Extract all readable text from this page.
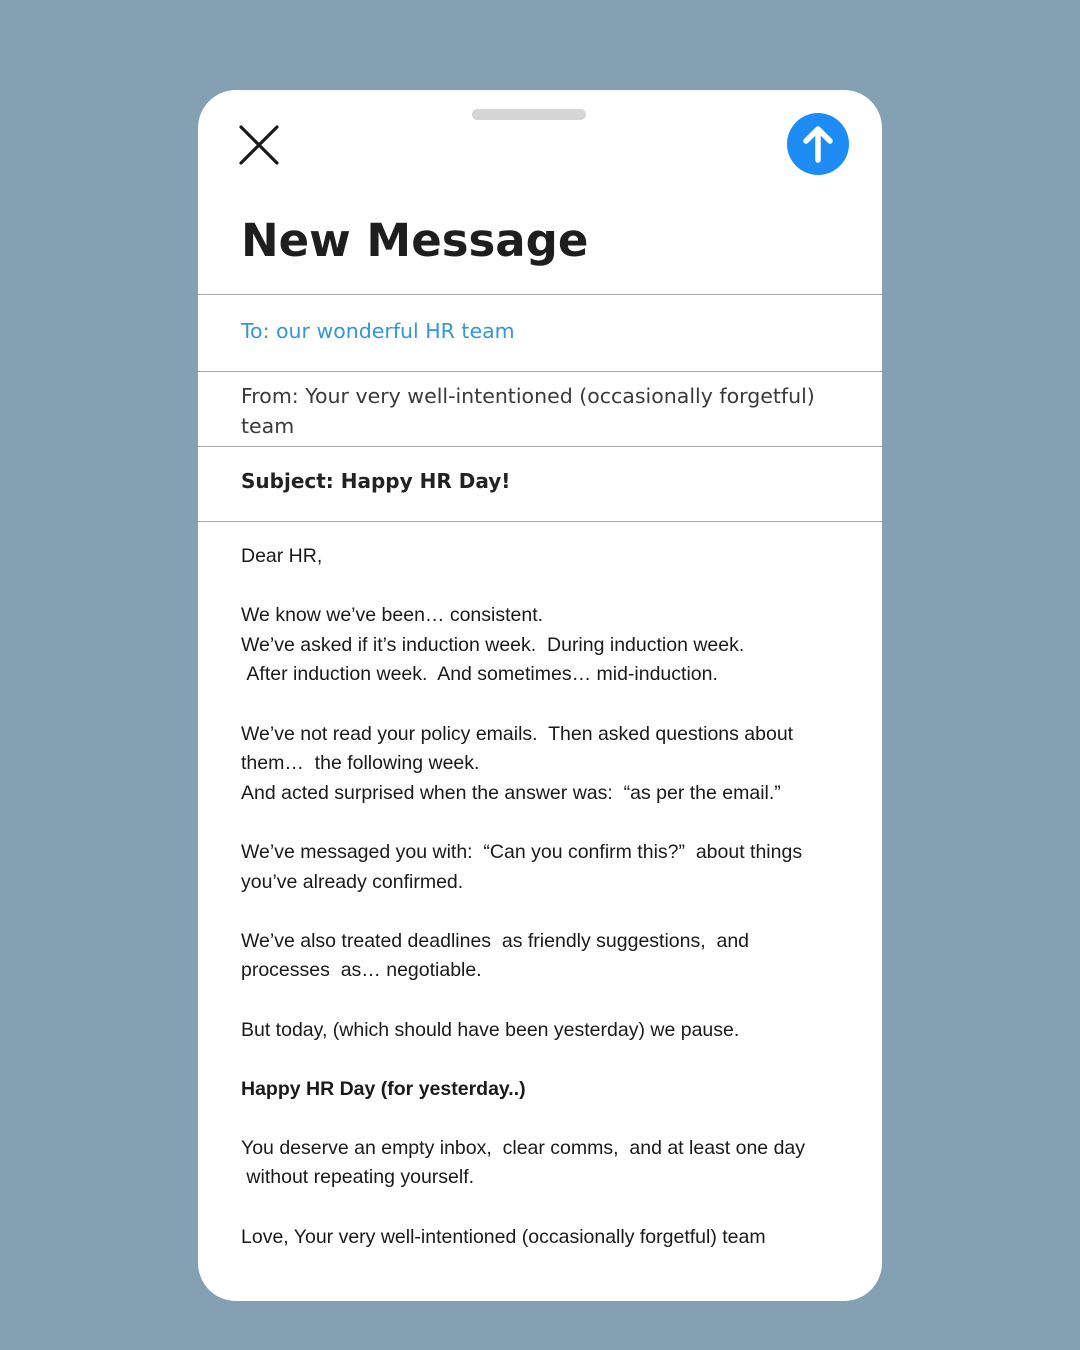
New Message
To: our wonderful HR team
From: Your very well-intentioned (occasionally forgetful) team
Subject: Happy HR Day!

Dear HR,

We know we’ve been… consistent.
We’ve asked if it’s induction week.  During induction week.
After induction week.  And sometimes… mid-induction.

We’ve not read your policy emails.  Then asked questions about
them…  the following week.
And acted surprised when the answer was:  “as per the email.”

We’ve messaged you with:  “Can you confirm this?”  about things
you’ve already confirmed.

We’ve also treated deadlines  as friendly suggestions,  and
processes  as… negotiable.

But today, (which should have been yesterday) we pause.

Happy HR Day (for yesterday..)

You deserve an empty inbox,  clear comms,  and at least one day
without repeating yourself.

Love, Your very well-intentioned (occasionally forgetful) team
